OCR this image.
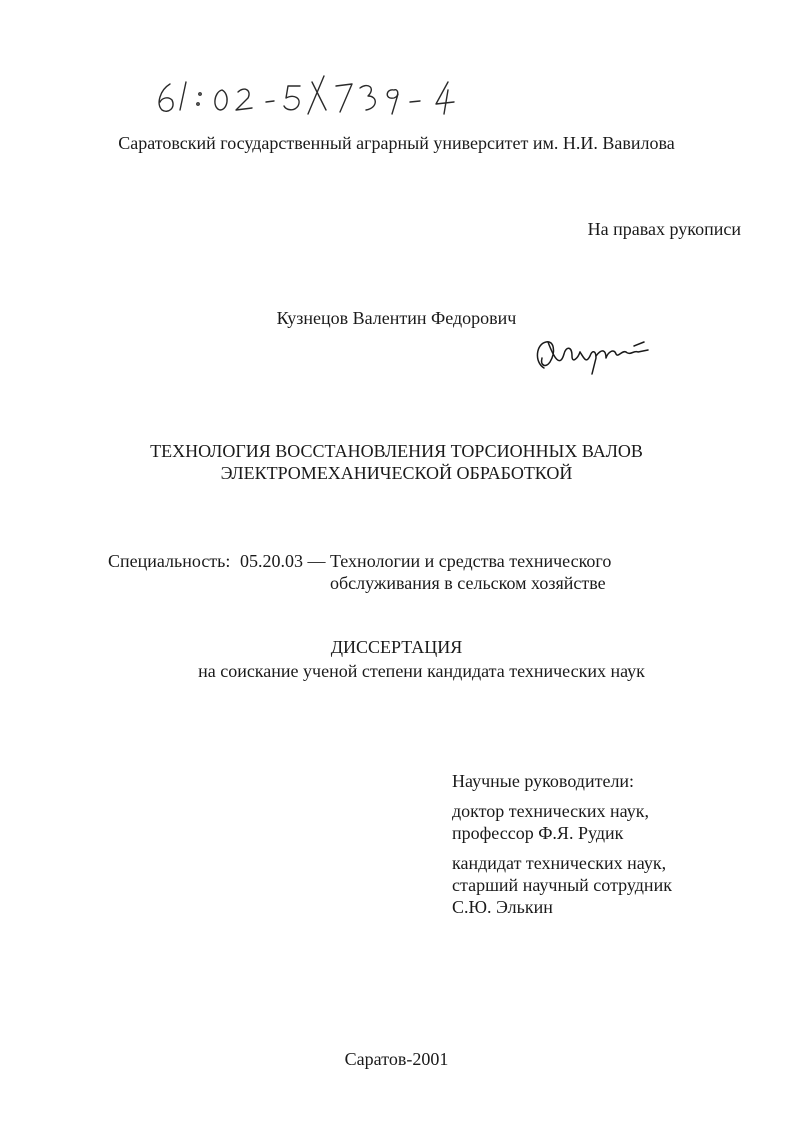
Саратовский государственный аграрный университет им. Н.И. Вавилова

На правах рукописи

Кузнецов Валентин Федорович

ТЕХНОЛОГИЯ ВОССТАНОВЛЕНИЯ ТОРСИОННЫХ ВАЛОВ
ЭЛЕКТРОМЕХАНИЧЕСКОЙ ОБРАБОТКОЙ

Специальность: 05.20.03 — Технологии и средства технического

обслуживания в сельском хозяйстве

ДИССЕРТАЦИЯ

на соискание ученой степени кандидата технических наук

Научные руководители:
доктор технических наук,
профессор Ф.Я. Рудик
кандидат технических наук,
старший научный сотрудник
С.Ю. Элькин

Саратов-2001
